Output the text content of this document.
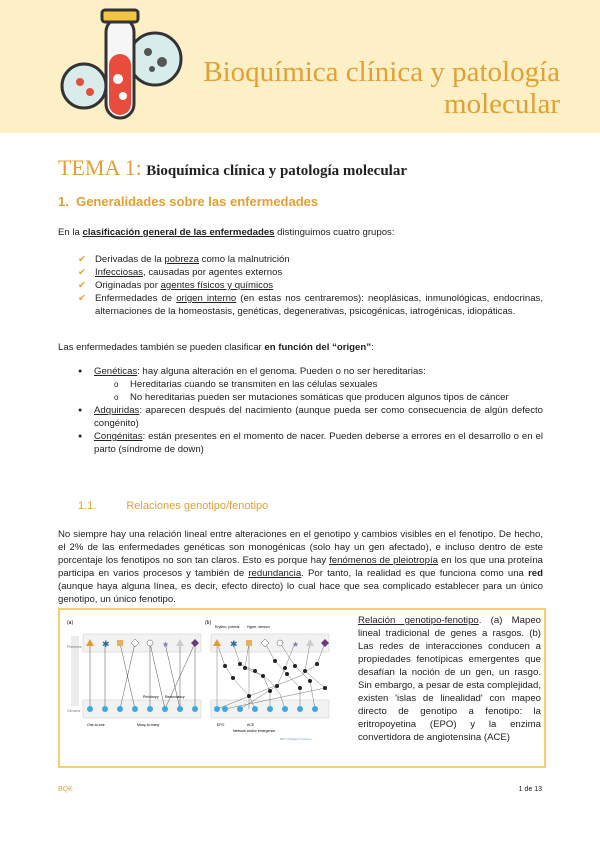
Bioquímica clínica y patología molecular
TEMA 1: Bioquímica clínica y patología molecular
1. Generalidades sobre las enfermedades
En la clasificación general de las enfermedades distinguimos cuatro grupos:
✔ Derivadas de la pobreza como la malnutrición
✔ Infecciosas, causadas por agentes externos
✔ Originadas por agentes físicos y químicos
✔ Enfermedades de origen interno (en estas nos centraremos): neoplásicas, inmunológicas, endocrinas, alternaciones de la homeostasis, genéticas, degenerativas, psicogénicas, iatrogénicas, idiopáticas.
Las enfermedades también se pueden clasificar en función del “origen”:
● Genéticas: hay alguna alteración en el genoma. Pueden o no ser hereditarias:
o Hereditarias cuando se transmiten en las células sexuales
o No hereditarias pueden ser mutaciones somáticas que producen algunos tipos de cáncer
● Adquiridas: aparecen después del nacimiento (aunque pueda ser como consecuencia de algún defecto congénito)
● Congénitas: están presentes en el momento de nacer. Pueden deberse a errores en el desarrollo o en el parto (síndrome de down)
1.1.	Relaciones genotipo/fenotipo
No siempre hay una relación lineal entre alteraciones en el genotipo y cambios visibles en el fenotipo. De hecho, el 2% de las enfermedades genéticas son monogénicas (solo hay un gen afectado), e incluso dentro de este porcentaje los fenotipos no son tan claros. Esto es porque hay fenómenos de pleiotropía en los que una proteína participa en varios procesos y también de redundancia. Por tanto, la realidad es que funciona como una red (aunque haya alguna línea, es decir, efecto directo) lo cual hace que sea complicado establecer para un único genotipo, un único fenotipo.
(a)
Phenome
Genome
✱	★
Pleiotropy Redundancy
One-to-one	Many-to-many
(b)
Erythro- poiesis Hyper- tension
✱	★
EPO	ACE
Network and/or emergence
BDT Intelligent systems
Relación genotipo-fenotipo. (a) Mapeo lineal tradicional de genes a rasgos. (b) Las redes de interacciones conducen a propiedades fenotípicas emergentes que desafían la noción de un gen, un rasgo. Sin embargo, a pesar de esta complejidad, existen 'islas de linealidad' con mapeo directo de genotipo a fenotipo: la eritropoyetina (EPO) y la enzima convertidora de angiotensina (ACE)
BQK	1 de 13
